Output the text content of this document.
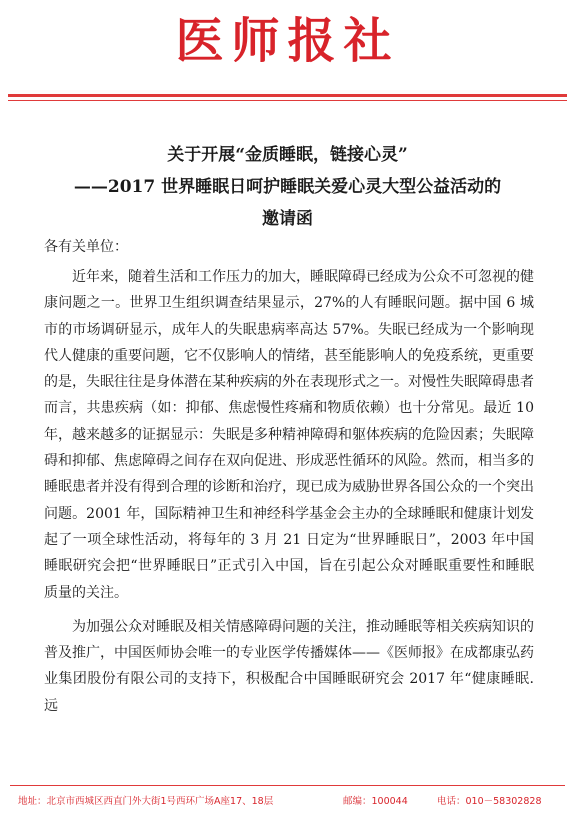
医师报社
关于开展“金质睡眠，链接心灵”
——2017 世界睡眠日呵护睡眠关爱心灵大型公益活动的
邀请函
各有关单位：

近年来，随着生活和工作压力的加大，睡眠障碍已经成为公众不可忽视的健康问题之一。世界卫生组织调查结果显示，27%的人有睡眠问题。据中国 6 城市的市场调研显示，成年人的失眠患病率高达 57%。失眠已经成为一个影响现代人健康的重要问题，它不仅影响人的情绪，甚至能影响人的免疫系统，更重要的是，失眠往往是身体潜在某种疾病的外在表现形式之一。对慢性失眠障碍患者而言，共患疾病（如：抑郁、焦虑慢性疼痛和物质依赖）也十分常见。最近 10 年，越来越多的证据显示：失眠是多种精神障碍和躯体疾病的危险因素；失眠障碍和抑郁、焦虑障碍之间存在双向促进、形成恶性循环的风险。然而，相当多的睡眠患者并没有得到合理的诊断和治疗，现已成为威胁世界各国公众的一个突出问题。2001 年，国际精神卫生和神经科学基金会主办的全球睡眠和健康计划发起了一项全球性活动，将每年的 3 月 21 日定为“世界睡眠日”，2003 年中国睡眠研究会把“世界睡眠日”正式引入中国，旨在引起公众对睡眠重要性和睡眠质量的关注。

为加强公众对睡眠及相关情感障碍问题的关注，推动睡眠等相关疾病知识的普及推广，中国医师协会唯一的专业医学传播媒体——《医师报》在成都康弘药业集团股份有限公司的支持下，积极配合中国睡眠研究会 2017 年“健康睡眠.远

地址：北京市西城区西直门外大街1号西环广场A座17、18层	邮编：100044	电话：010－58302828
